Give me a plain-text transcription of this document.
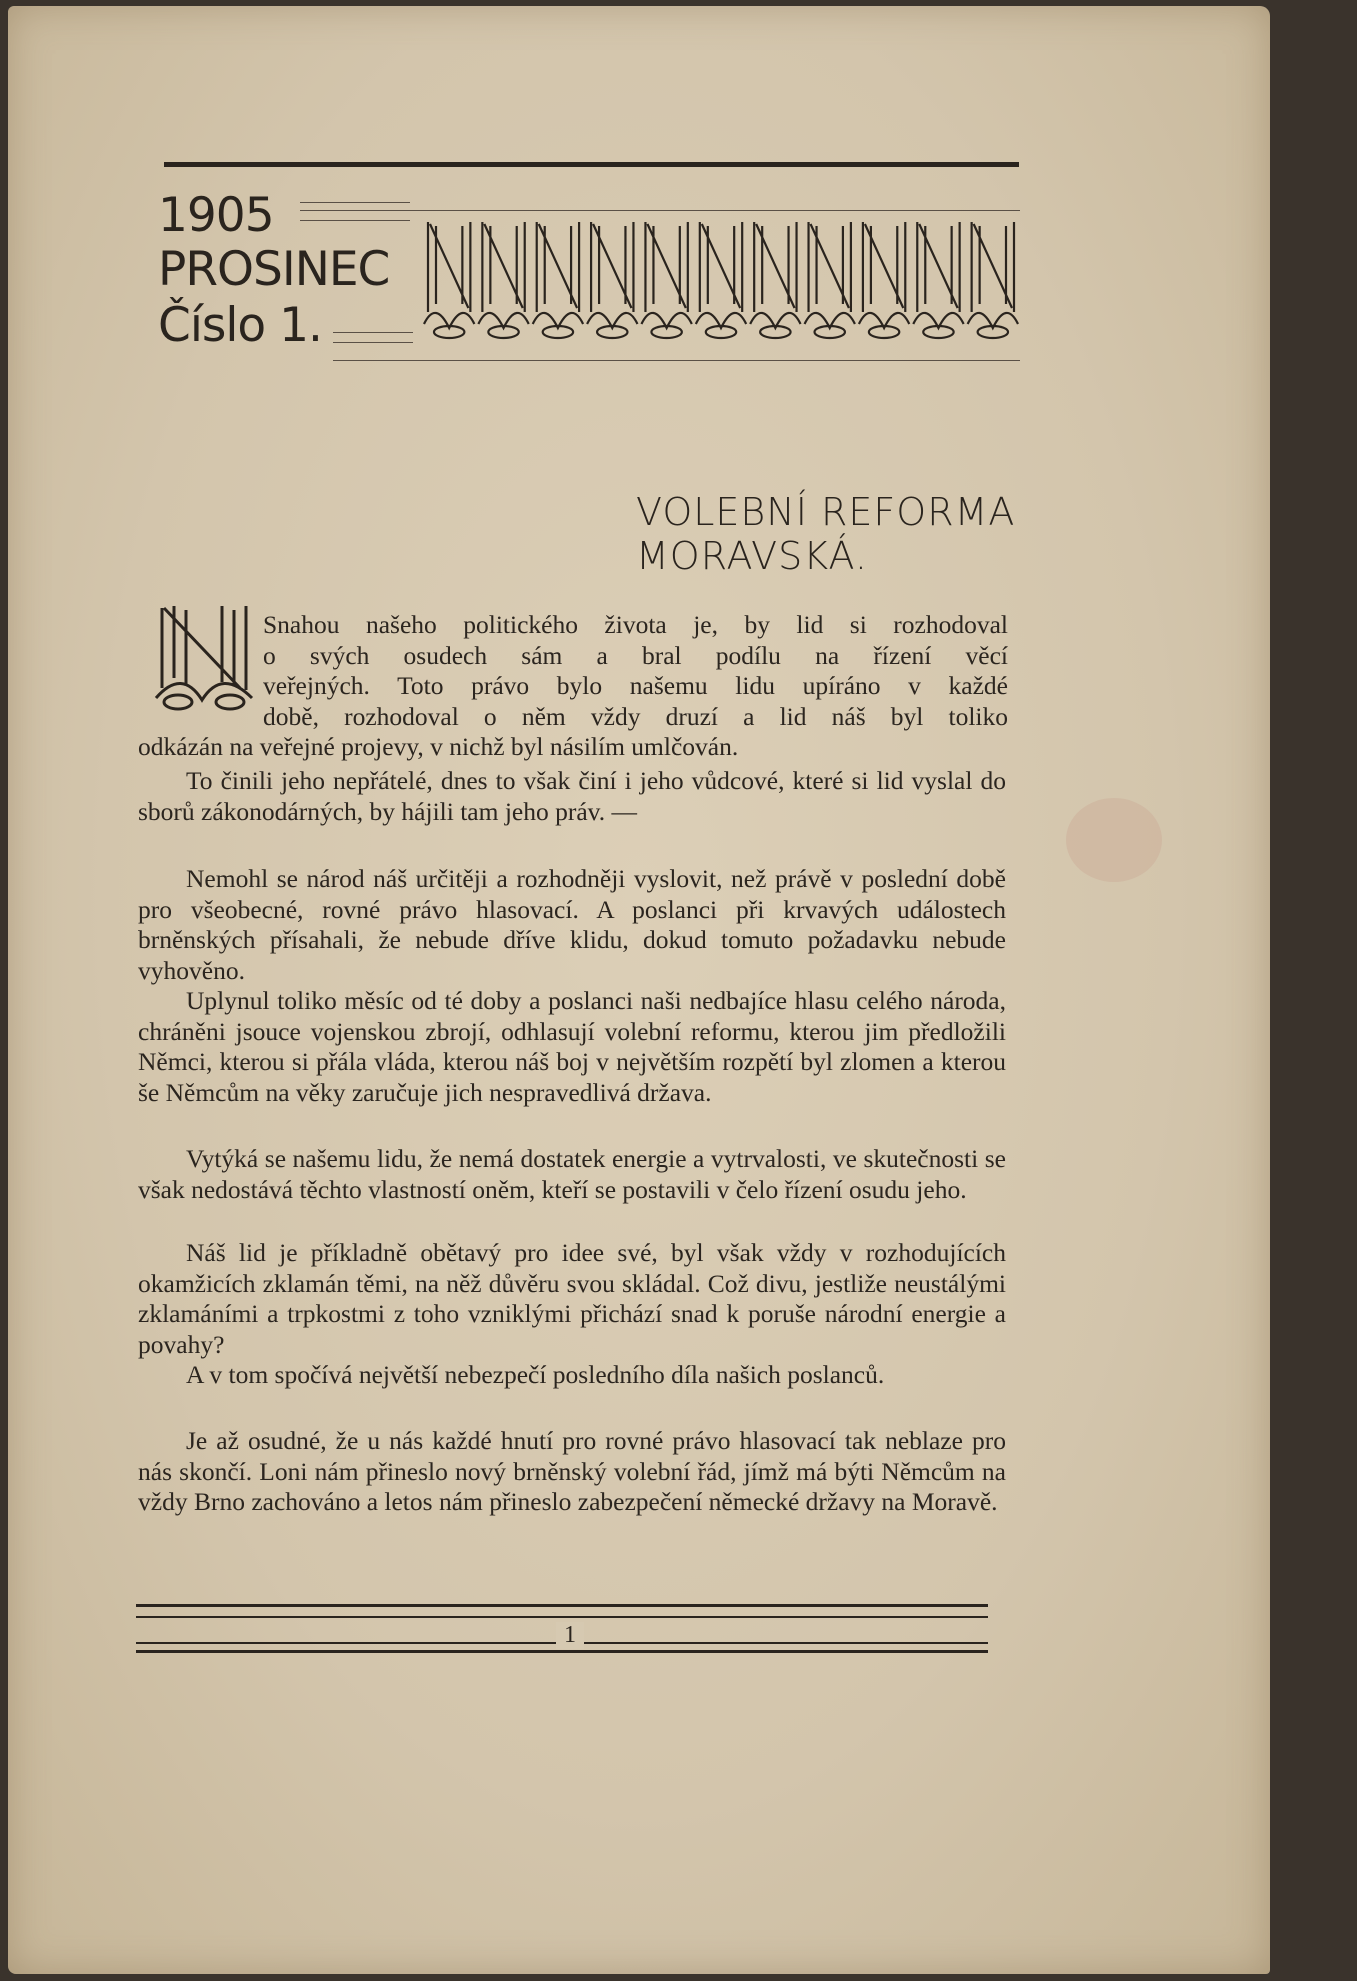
1905
PROSINEC
Číslo 1.
VOLEBNÍ REFORMA
MORAVSKÁ.
Snahou našeho politického života je, by lid si rozhodoval
o svých osudech sám a bral podílu na řízení věcí
veřejných. Toto právo bylo našemu lidu upíráno v každé
době, rozhodoval o něm vždy druzí a lid náš byl toliko
odkázán na veřejné projevy, v nichž byl násilím umlčován.
To činili jeho nepřátelé, dnes to však činí i jeho vůdcové, které si lid vyslal do sborů zákonodárných, by hájili tam jeho práv. —
Nemohl se národ náš určitěji a rozhodněji vyslovit, než právě v poslední době pro všeobecné, rovné právo hlasovací. A poslanci při krvavých událostech brněnských přísahali, že nebude dříve klidu, dokud tomuto požadavku nebude vyhověno.
Uplynul toliko měsíc od té doby a poslanci naši nedbajíce hlasu celého národa, chráněni jsouce vojenskou zbrojí, odhlasují volební reformu, kterou jim předložili Němci, kterou si přála vláda, kterou náš boj v největším rozpětí byl zlomen a kterou še Němcům na věky zaručuje jich nespravedlivá država.
Vytýká se našemu lidu, že nemá dostatek energie a vytrvalosti, ve skutečnosti se však nedostává těchto vlastností oněm, kteří se postavili v čelo řízení osudu jeho.
Náš lid je příkladně obětavý pro idee své, byl však vždy v rozhodujících okamžicích zklamán těmi, na něž důvěru svou skládal. Což divu, jestliže neustálými zklamáními a trpkostmi z toho vzniklými přichází snad k poruše národní energie a povahy?
A v tom spočívá největší nebezpečí posledního díla našich poslanců.
Je až osudné, že u nás každé hnutí pro rovné právo hlasovací tak neblaze pro nás skončí. Loni nám přineslo nový brněnský volební řád, jímž má býti Němcům na vždy Brno zachováno a letos nám přineslo zabezpečení německé državy na Moravě.
1
